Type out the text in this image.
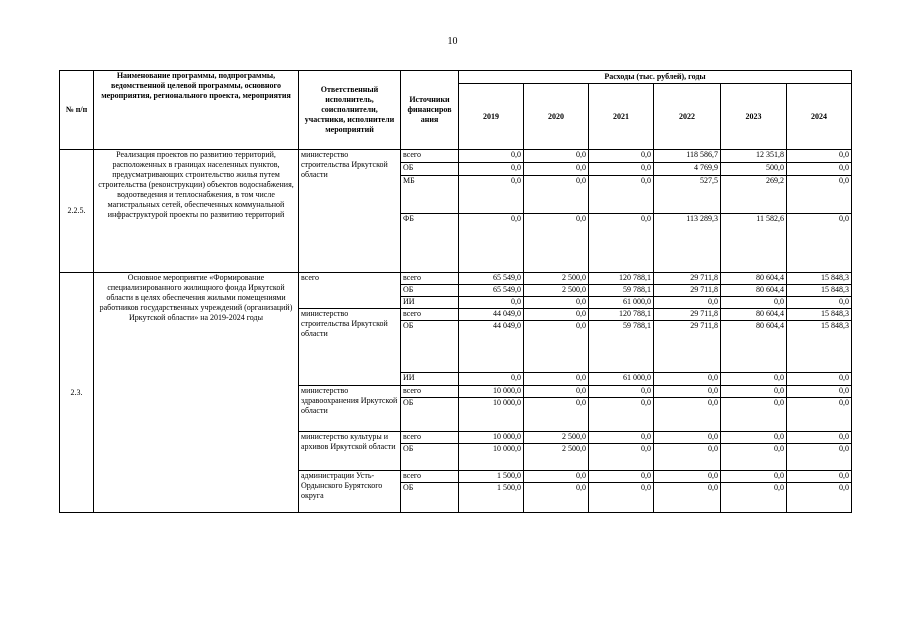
10
№ п/п	Наименование программы, подпрограммы, ведомственной целевой программы, основного мероприятия, регионального проекта, мероприятия	Ответственный исполнитель, соисполнители, участники, исполнители мероприятий	Источники финансиров ания	Расходы (тыс. рублей), годы					
				2019	2020	2021	2022	2023	2024
2.2.5.	Реализация проектов по развитию территорий, расположенных в границах населенных пунктов, предусматривающих строительство жилья путем строительства (реконструкции) объектов водоснабжения, водоотведения и теплоснабжения, в том числе магистральных сетей, обеспеченных коммунальной инфраструктурой проекты по развитию территорий	министерство строительства Иркутской области	всего	0,0	0,0	0,0	118 586,7	12 351,8	0,0
			ОБ	0,0	0,0	0,0	4 769,9	500,0	0,0
			МБ	0,0	0,0	0,0	527,5	269,2	0,0
			ФБ	0,0	0,0	0,0	113 289,3	11 582,6	0,0
2.3.	Основное мероприятие «Формирование специализированного жилищного фонда Иркутской области в целях обеспечения жилыми помещениями работников государственных учреждений (организаций) Иркутской области» на 2019-2024 годы	всего	всего	65 549,0	2 500,0	120 788,1	29 711,8	80 604,4	15 848,3
			ОБ	65 549,0	2 500,0	59 788,1	29 711,8	80 604,4	15 848,3
			ИИ	0,0	0,0	61 000,0	0,0	0,0	0,0
		министерство строительства Иркутской области	всего	44 049,0	0,0	120 788,1	29 711,8	80 604,4	15 848,3
			ОБ	44 049,0	0,0	59 788,1	29 711,8	80 604,4	15 848,3
			ИИ	0,0	0,0	61 000,0	0,0	0,0	0,0
		министерство здравоохранения Иркутской области	всего	10 000,0	0,0	0,0	0,0	0,0	0,0
			ОБ	10 000,0	0,0	0,0	0,0	0,0	0,0
		министерство культуры и архивов Иркутской области	всего	10 000,0	2 500,0	0,0	0,0	0,0	0,0
			ОБ	10 000,0	2 500,0	0,0	0,0	0,0	0,0
		администрации Усть-Ордынского Бурятского округа	всего	1 500,0	0,0	0,0	0,0	0,0	0,0
			ОБ	1 500,0	0,0	0,0	0,0	0,0	0,0
